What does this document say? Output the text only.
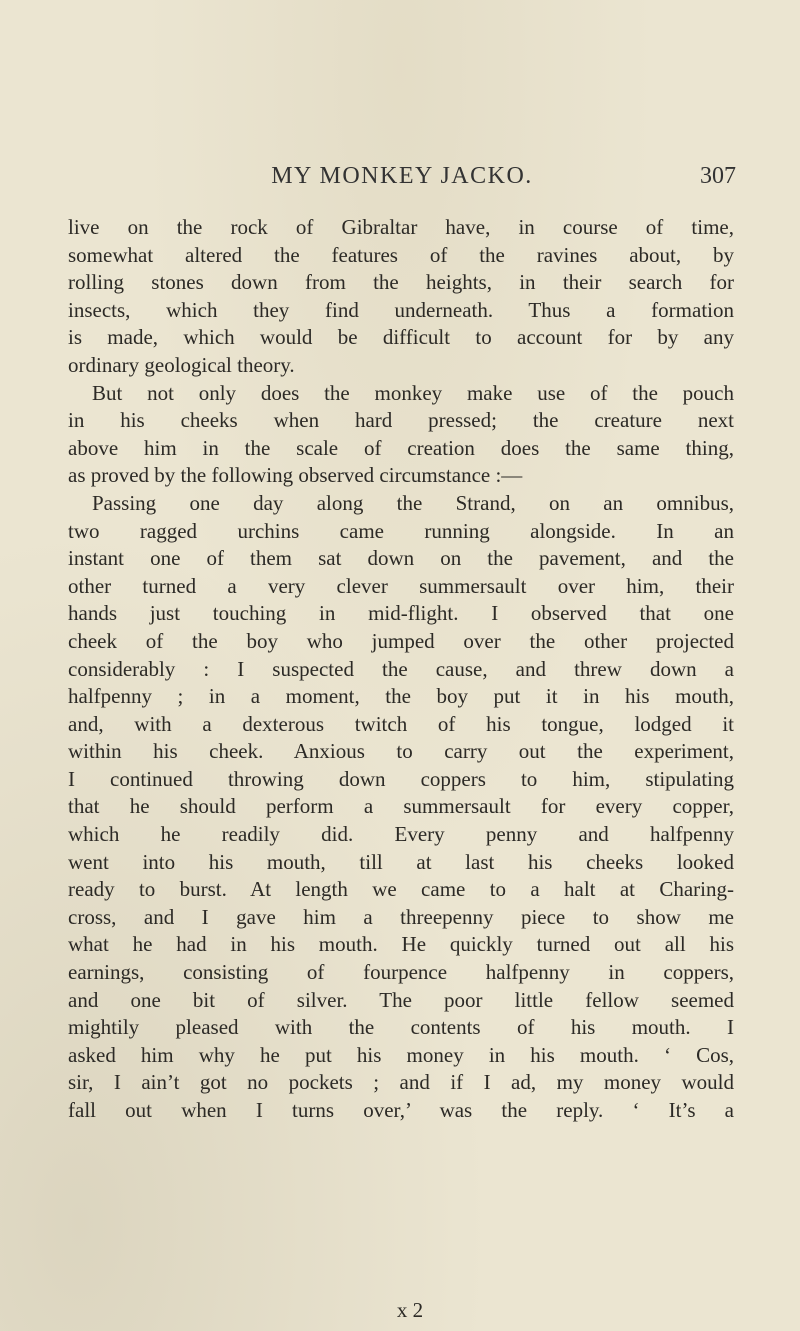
MY MONKEY JACKO.	307
live on the rock of Gibraltar have, in course of time,
somewhat altered the features of the ravines about, by
rolling stones down from the heights, in their search for
insects, which they find underneath. Thus a formation
is made, which would be difficult to account for by any
ordinary geological theory.
But not only does the monkey make use of the pouch
in his cheeks when hard pressed; the creature next
above him in the scale of creation does the same thing,
as proved by the following observed circumstance :—
Passing one day along the Strand, on an omnibus,
two ragged urchins came running alongside. In an
instant one of them sat down on the pavement, and the
other turned a very clever summersault over him, their
hands just touching in mid-flight. I observed that one
cheek of the boy who jumped over the other projected
considerably : I suspected the cause, and threw down a
halfpenny ; in a moment, the boy put it in his mouth,
and, with a dexterous twitch of his tongue, lodged it
within his cheek. Anxious to carry out the experiment,
I continued throwing down coppers to him, stipulating
that he should perform a summersault for every copper,
which he readily did. Every penny and halfpenny
went into his mouth, till at last his cheeks looked
ready to burst. At length we came to a halt at Charing-
cross, and I gave him a threepenny piece to show me
what he had in his mouth. He quickly turned out all his
earnings, consisting of fourpence halfpenny in coppers,
and one bit of silver. The poor little fellow seemed
mightily pleased with the contents of his mouth. I
asked him why he put his money in his mouth. ‘ Cos,
sir, I ain’t got no pockets ; and if I ad, my money would
fall out when I turns over,’ was the reply. ‘ It’s a
x 2
